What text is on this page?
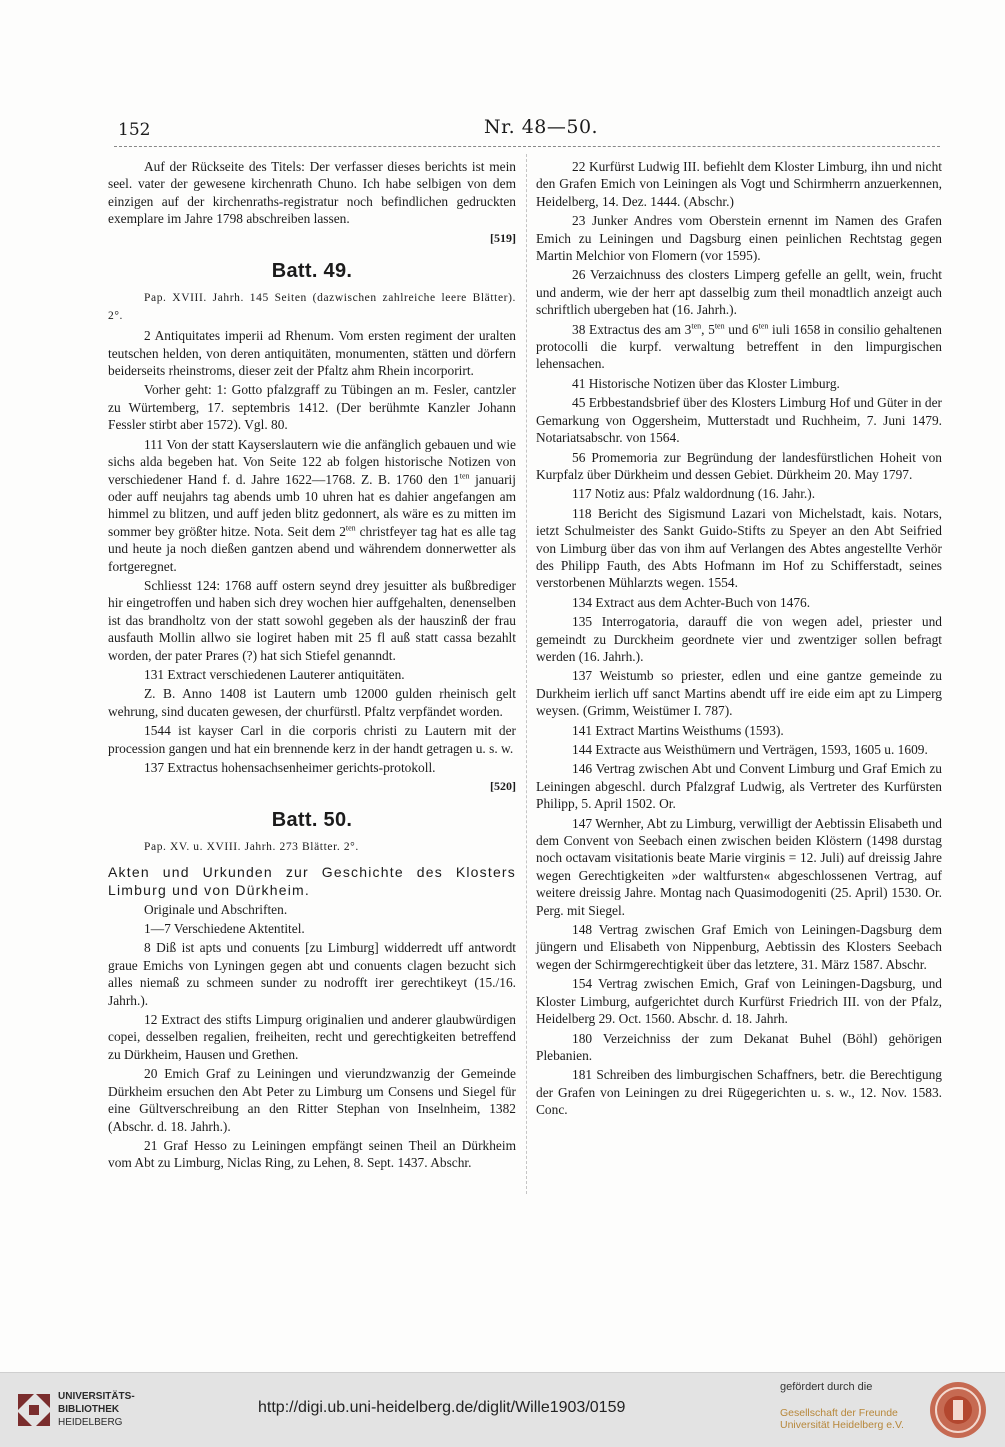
152	Nr. 48—50.

Auf der Rückseite des Titels: Der verfasser dieses berichts ist mein seel. vater der gewesene kirchenrath Chuno. Ich habe selbigen von dem einzigen auf der kirchenraths-registratur noch befindlichen gedruckten exemplare im Jahre 1798 abschreiben lassen.

[519]
Batt. 49.

Pap. XVIII. Jahrh. 145 Seiten (dazwischen zahlreiche leere Blätter). 2°.

2 Antiquitates imperii ad Rhenum. Vom ersten regiment der uralten teutschen helden, von deren antiquitäten, monumenten, stätten und dörfern beiderseits rheinstroms, dieser zeit der Pfaltz ahm Rhein incorporirt.

Vorher geht: 1: Gotto pfalzgraff zu Tübingen an m. Fesler, cantzler zu Würtemberg, 17. septembris 1412. (Der berühmte Kanzler Johann Fessler stirbt aber 1572). Vgl. 80.

111 Von der statt Kayserslautern wie die anfänglich gebauen und wie sichs alda begeben hat. Von Seite 122 ab folgen historische Notizen von verschiedener Hand f. d. Jahre 1622—1768. Z. B. 1760 den $1^{ten}$ januarij oder auff neujahrs tag abends umb 10 uhren hat es dahier angefangen am himmel zu blitzen, und auff jeden blitz gedonnert, als wäre es zu mitten im sommer bey größter hitze. Nota. Seit dem $2^{ten}$ christfeyer tag hat es alle tag und heute ja noch dießen gantzen abend und währendem donnerwetter als fortgeregnet.

Schliesst 124: 1768 auff ostern seynd drey jesuitter als bußbrediger hir eingetroffen und haben sich drey wochen hier auffgehalten, denenselben ist das brandholtz von der statt sowohl gegeben als der hauszinß der frau ausfauth Mollin allwo sie logiret haben mit 25 fl auß statt cassa bezahlt worden, der pater Prares (?) hat sich Stiefel genanndt.

131 Extract verschiedenen Lauterer antiquitäten.

Z. B. Anno 1408 ist Lautern umb 12000 gulden rheinisch gelt wehrung, sind ducaten gewesen, der churfürstl. Pfaltz verpfändet worden.

1544 ist kayser Carl in die corporis christi zu Lautern mit der procession gangen und hat ein brennende kerz in der handt getragen u. s. w.

137 Extractus hohensachsenheimer gerichts-protokoll.

[520]
Batt. 50.

Pap. XV. u. XVIII. Jahrh. 273 Blätter. 2°.

Akten und Urkunden zur Geschichte des Klosters Limburg und von Dürkheim.

Originale und Abschriften.

1—7 Verschiedene Aktentitel.

8 Diß ist apts und conuents [zu Limburg] widderredt uff antwordt graue Emichs von Lyningen gegen abt und conuents clagen bezucht sich alles niemaß zu schmeen sunder zu nodrofft irer gerechtikeyt (15./16. Jahrh.).

12 Extract des stifts Limpurg originalien und anderer glaubwürdigen copei, desselben regalien, freiheiten, recht und gerechtigkeiten betreffend zu Dürkheim, Hausen und Grethen.

20 Emich Graf zu Leiningen und vierundzwanzig der Gemeinde Dürkheim ersuchen den Abt Peter zu Limburg um Consens und Siegel für eine Gültverschreibung an den Ritter Stephan von Inselnheim, 1382 (Abschr. d. 18. Jahrh.).

21 Graf Hesso zu Leiningen empfängt seinen Theil an Dürkheim vom Abt zu Limburg, Niclas Ring, zu Lehen, 8. Sept. 1437. Abschr.

22 Kurfürst Ludwig III. befiehlt dem Kloster Limburg, ihn und nicht den Grafen Emich von Leiningen als Vogt und Schirmherrn anzuerkennen, Heidelberg, 14. Dez. 1444. (Abschr.)

23 Junker Andres vom Oberstein ernennt im Namen des Grafen Emich zu Leiningen und Dagsburg einen peinlichen Rechtstag gegen Martin Melchior von Flomern (vor 1595).

26 Verzaichnuss des closters Limperg gefelle an gellt, wein, frucht und anderm, wie der herr apt dasselbig zum theil monadtlich anzeigt auch schriftlich ubergeben hat (16. Jahrh.).

38 Extractus des am $3^{ten}$, $5^{ten}$ und $6^{ten}$ iuli 1658 in consilio gehaltenen protocolli die kurpf. verwaltung betreffent in den limpurgischen lehensachen.

41 Historische Notizen über das Kloster Limburg.

45 Erbbestandsbrief über des Klosters Limburg Hof und Güter in der Gemarkung von Oggersheim, Mutterstadt und Ruchheim, 7. Juni 1479. Notariatsabschr. von 1564.

56 Promemoria zur Begründung der landesfürstlichen Hoheit von Kurpfalz über Dürkheim und dessen Gebiet. Dürkheim 20. May 1797.

117 Notiz aus: Pfalz waldordnung (16. Jahr.).

118 Bericht des Sigismund Lazari von Michelstadt, kais. Notars, ietzt Schulmeister des Sankt Guido-Stifts zu Speyer an den Abt Seifried von Limburg über das von ihm auf Verlangen des Abtes angestellte Verhör des Philipp Fauth, des Abts Hofmann im Hof zu Schifferstadt, seines verstorbenen Mühlarzts wegen. 1554.

134 Extract aus dem Achter-Buch von 1476.

135 Interrogatoria, darauff die von wegen adel, priester und gemeindt zu Durckheim geordnete vier und zwentziger sollen befragt werden (16. Jahrh.).

137 Weistumb so priester, edlen und eine gantze gemeinde zu Durkheim ierlich uff sanct Martins abendt uff ire eide eim apt zu Limperg weysen. (Grimm, Weistümer I. 787).

141 Extract Martins Weisthums (1593).

144 Extracte aus Weisthümern und Verträgen, 1593, 1605 u. 1609.

146 Vertrag zwischen Abt und Convent Limburg und Graf Emich zu Leiningen abgeschl. durch Pfalzgraf Ludwig, als Vertreter des Kurfürsten Philipp, 5. April 1502. Or.

147 Wernher, Abt zu Limburg, verwilligt der Aebtissin Elisabeth und dem Convent von Seebach einen zwischen beiden Klöstern (1498 durstag noch octavam visitationis beate Marie virginis = 12. Juli) auf dreissig Jahre wegen Gerechtigkeiten »der waltfursten« abgeschlossenen Vertrag, auf weitere dreissig Jahre. Montag nach Quasimodogeniti (25. April) 1530. Or. Perg. mit Siegel.

148 Vertrag zwischen Graf Emich von Leiningen-Dagsburg dem jüngern und Elisabeth von Nippenburg, Aebtissin des Klosters Seebach wegen der Schirmgerechtigkeit über das letztere, 31. März 1587. Abschr.

154 Vertrag zwischen Emich, Graf von Leiningen-Dagsburg, und Kloster Limburg, aufgerichtet durch Kurfürst Friedrich III. von der Pfalz, Heidelberg 29. Oct. 1560. Abschr. d. 18. Jahrh.

180 Verzeichniss der zum Dekanat Buhel (Böhl) gehörigen Plebanien.

181 Schreiben des limburgischen Schaffners, betr. die Berechtigung der Grafen von Leiningen zu drei Rügegerichten u. s. w., 12. Nov. 1583. Conc.

UNIVERSITÄTS-
BIBLIOTHEK
HEIDELBERG
http://digi.ub.uni-heidelberg.de/diglit/Wille1903/0159
gefördert durch die
Gesellschaft der Freunde
Universität Heidelberg e.V.
